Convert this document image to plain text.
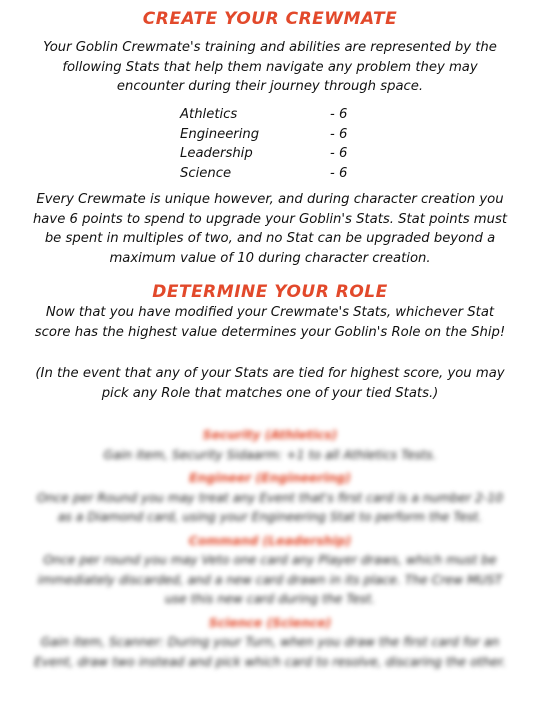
CREATE YOUR CREWMATE
Your Goblin Crewmate's training and abilities are represented by the following Stats that help them navigate any problem they may encounter during their journey through space.
Athletics	- 6
Engineering	- 6
Leadership	- 6
Science	- 6
Every Crewmate is unique however, and during character creation you have 6 points to spend to upgrade your Goblin's Stats. Stat points must be spent in multiples of two, and no Stat can be upgraded beyond a maximum value of 10 during character creation.
DETERMINE YOUR ROLE
Now that you have modified your Crewmate's Stats, whichever Stat score has the highest value determines your Goblin's Role on the Ship!
(In the event that any of your Stats are tied for highest score, you may pick any Role that matches one of your tied Stats.)
Security (Athletics)
Gain item, Security Sidaarm: +1 to all Athletics Tests.
Engineer (Engineering)
Once per Round you may treat any Event that's first card is a number 2-10 as a Diamond card, using your Engineering Stat to perform the Test.
Command (Leadership)
Once per round you may Veto one card any Player draws, which must be immediately discarded, and a new card drawn in its place. The Crew MUST use this new card during the Test.
Science (Science)
Gain item, Scanner: During your Turn, when you draw the first card for an Event, draw two instead and pick which card to resolve, discaring the other.
